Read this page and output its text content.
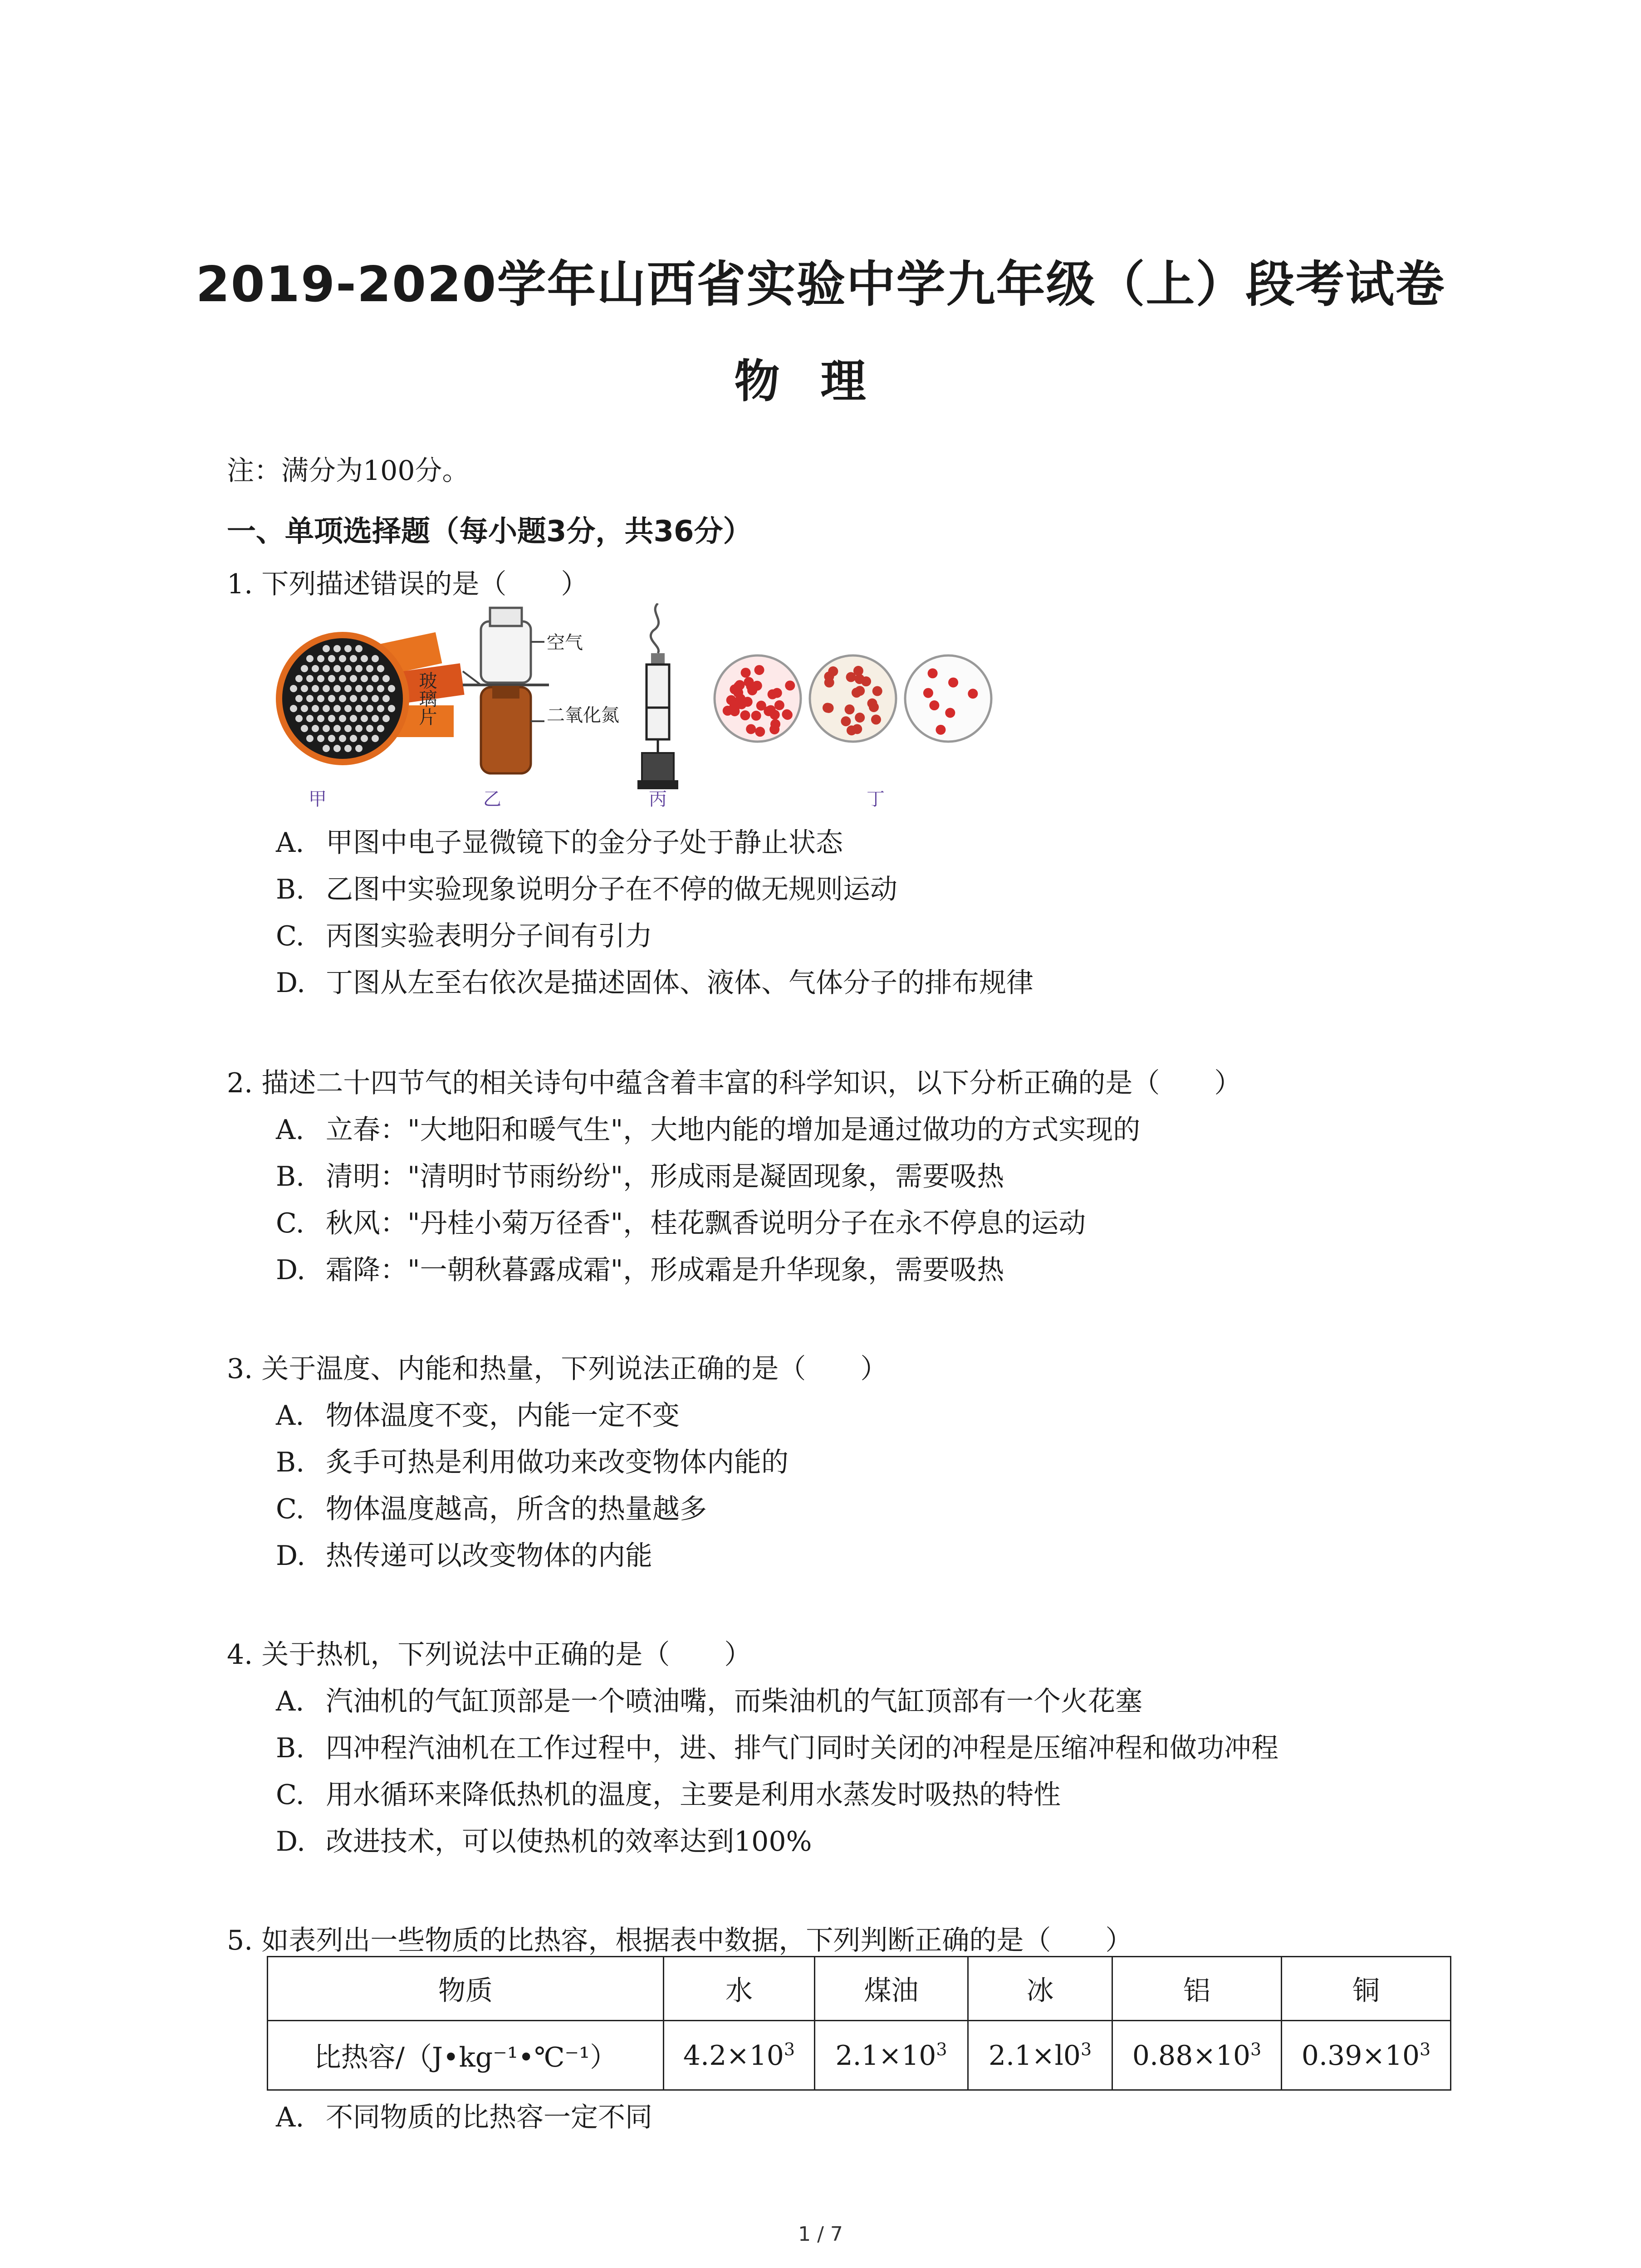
2019-2020学年山西省实验中学九年级（上）段考试卷
物理
注：满分为100分。
一、单项选择题（每小题3分，共36分）
1. 下列描述错误的是（　　）
空气
玻璃片	二氧化氮
甲	乙	丙	丁
A. 甲图中电子显微镜下的金分子处于静止状态
B. 乙图中实验现象说明分子在不停的做无规则运动
C. 丙图实验表明分子间有引力
D. 丁图从左至右依次是描述固体、液体、气体分子的排布规律
2. 描述二十四节气的相关诗句中蕴含着丰富的科学知识，以下分析正确的是（　　）
A. 立春："大地阳和暖气生"，大地内能的增加是通过做功的方式实现的
B. 清明："清明时节雨纷纷"，形成雨是凝固现象，需要吸热
C. 秋风："丹桂小菊万径香"，桂花飘香说明分子在永不停息的运动
D. 霜降："一朝秋暮露成霜"，形成霜是升华现象，需要吸热
3. 关于温度、内能和热量，下列说法正确的是（　　）
A. 物体温度不变，内能一定不变
B. 炙手可热是利用做功来改变物体内能的
C. 物体温度越高，所含的热量越多
D. 热传递可以改变物体的内能
4. 关于热机，下列说法中正确的是（　　）
A. 汽油机的气缸顶部是一个喷油嘴，而柴油机的气缸顶部有一个火花塞
B. 四冲程汽油机在工作过程中，进、排气门同时关闭的冲程是压缩冲程和做功冲程
C. 用水循环来降低热机的温度，主要是利用水蒸发时吸热的特性
D. 改进技术，可以使热机的效率达到100%
5. 如表列出一些物质的比热容，根据表中数据，下列判断正确的是（　　）
物质	水	煤油	冰	铝	铜
比热容/（J•kg⁻¹•℃⁻¹）	$4.2\times 10^3$	$2.1\times 10^3$	$2.1\times l0^3$	$0.88\times 10^3$	$0.39\times 10^3$
A. 不同物质的比热容一定不同
1 / 7
